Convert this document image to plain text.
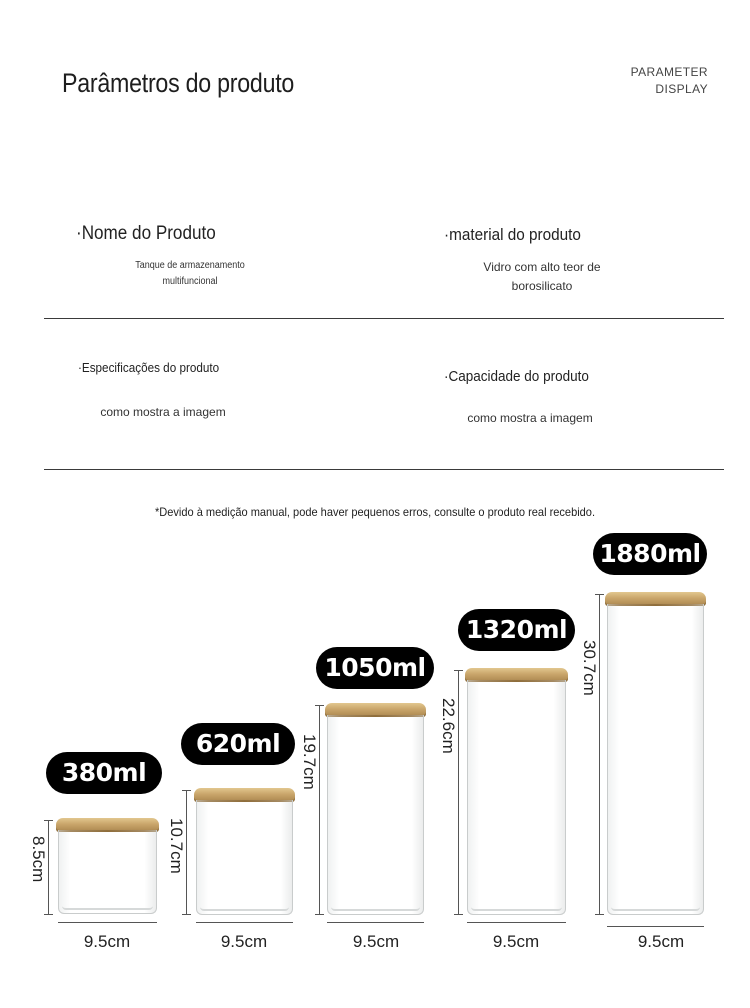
Parâmetros do produto	PARAMETER
DISPLAY
·Nome do Produto
Tanque de armazenamento
multifuncional
·material do produto
Vidro com alto teor de
borosilicato
·Especificações do produto
como mostra a imagem
·Capacidade do produto
como mostra a imagem
*Devido à medição manual, pode haver pequenos erros, consulte o produto real recebido.
380ml
8.5cm
9.5cm
620ml
10.7cm
9.5cm
1050ml
19.7cm
9.5cm
1320ml
22.6cm
9.5cm
1880ml
30.7cm
9.5cm
